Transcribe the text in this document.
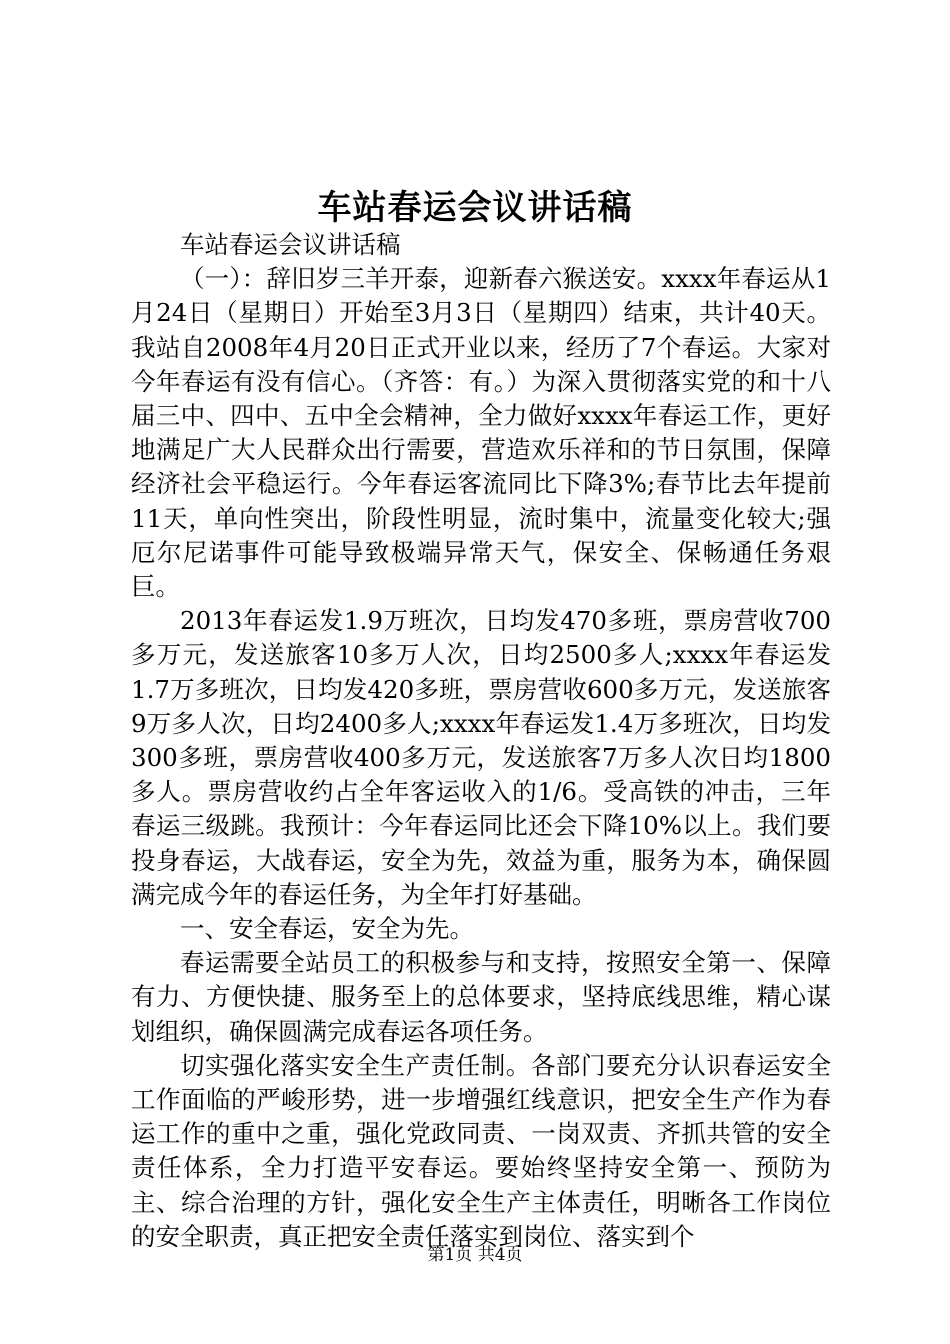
车站春运会议讲话稿

车站春运会议讲话稿

（一）：辞旧岁三羊开泰，迎新春六猴送安。xxxx年春运从1月24日（星期日）开始至3月3日（星期四）结束，共计40天。我站自2008年4月20日正式开业以来，经历了7个春运。大家对今年春运有没有信心。（齐答：有。）为深入贯彻落实党的和十八届三中、四中、五中全会精神，全力做好xxxx年春运工作，更好地满足广大人民群众出行需要，营造欢乐祥和的节日氛围，保障经济社会平稳运行。今年春运客流同比下降3%;春节比去年提前11天，单向性突出，阶段性明显，流时集中，流量变化较大;强厄尔尼诺事件可能导致极端异常天气，保安全、保畅通任务艰巨。

2013年春运发1.9万班次，日均发470多班，票房营收700多万元，发送旅客10多万人次，日均2500多人;xxxx年春运发1.7万多班次，日均发420多班，票房营收600多万元，发送旅客9万多人次，日均2400多人;xxxx年春运发1.4万多班次，日均发300多班，票房营收400多万元，发送旅客7万多人次日均1800多人。票房营收约占全年客运收入的1/6。受高铁的冲击，三年春运三级跳。我预计：今年春运同比还会下降10%以上。我们要投身春运，大战春运，安全为先，效益为重，服务为本，确保圆满完成今年的春运任务，为全年打好基础。

一、安全春运，安全为先。

春运需要全站员工的积极参与和支持，按照安全第一、保障有力、方便快捷、服务至上的总体要求，坚持底线思维，精心谋划组织，确保圆满完成春运各项任务。

切实强化落实安全生产责任制。各部门要充分认识春运安全工作面临的严峻形势，进一步增强红线意识，把安全生产作为春运工作的重中之重，强化党政同责、一岗双责、齐抓共管的安全责任体系，全力打造平安春运。要始终坚持安全第一、预防为主、综合治理的方针，强化安全生产主体责任，明晰各工作岗位的安全职责，真正把安全责任落实到岗位、落实到个

第1页 共4页
